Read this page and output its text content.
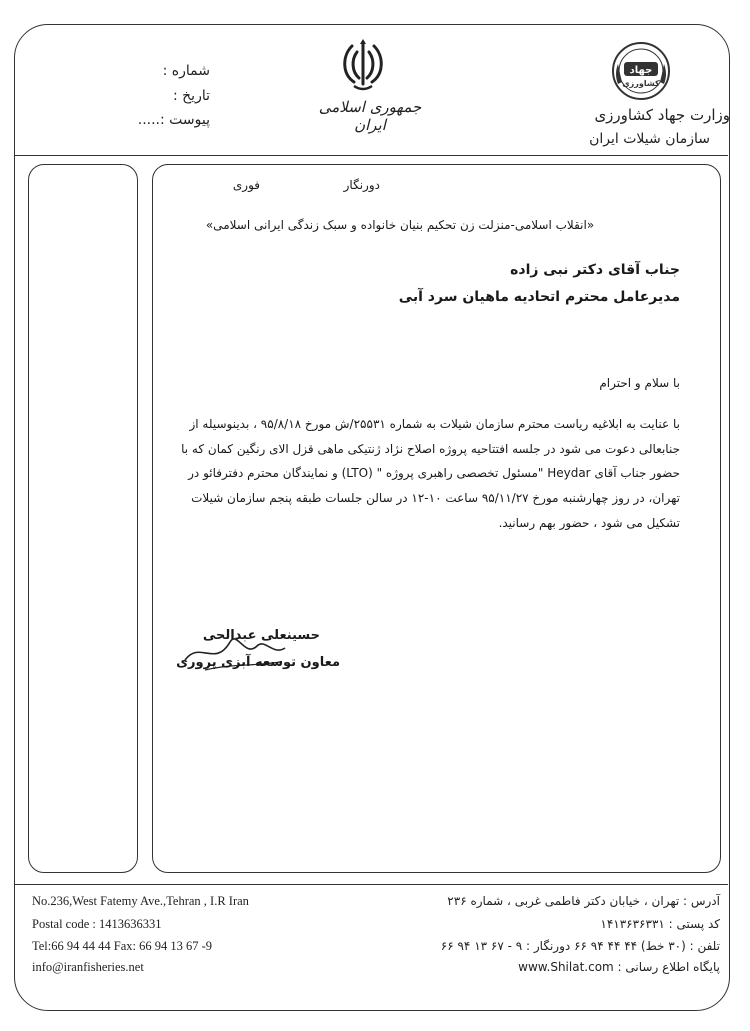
شماره :
تاریخ :
پیوست :.....
جمهوری اسلامی ایران
جهاد
کشاورزی
وزارت جهاد کشاورزی
سازمان شیلات ایران
دورنگار
فوری
«انقلاب اسلامی-منزلت زن تحکیم بنیان خانواده و سبک زندگی ایرانی اسلامی»
جناب آقای دکتر نبی زاده
مدیرعامل محترم اتحادیه ماهیان سرد آبی
با سلام و احترام
با عنایت به ابلاغیه ریاست محترم سازمان شیلات به شماره ۲۵۵۳۱/ش مورخ ۹۵/۸/۱۸ ، بدینوسیله از
جنابعالی دعوت می شود در جلسه افتتاحیه پروژه اصلاح نژاد ژنتیکی ماهی قزل الای رنگین کمان که با
حضور جناب آقای Heydar "مسئول تخصصی راهبری پروژه " (LTO) و نمایندگان محترم دفترفائو در
تهران، در روز چهارشنبه مورخ ۹۵/۱۱/۲۷ ساعت ۱۰-۱۲ در سالن جلسات طبقه پنجم سازمان شیلات
تشکیل می شود ، حضور بهم رسانید.
حسینعلی عبدالحی
معاون توسعه آبزی پروری
No.236,West Fatemy Ave.,Tehran , I.R Iran
Postal code : 1413636331
Tel:66 94 44 44 Fax: 66 94 13 67 -9
info@iranfisheries.net
آدرس : تهران ، خیابان دکتر فاطمی غربی ، شماره ۲۳۶
کد پستی : ۱۴۱۳۶۳۶۳۳۱
تلفن : (۳۰ خط) ۴۴ ۴۴ ۹۴ ۶۶ دورنگار : ۹ - ۶۷ ۱۳ ۹۴ ۶۶
پایگاه اطلاع رسانی : www.Shilat.com
